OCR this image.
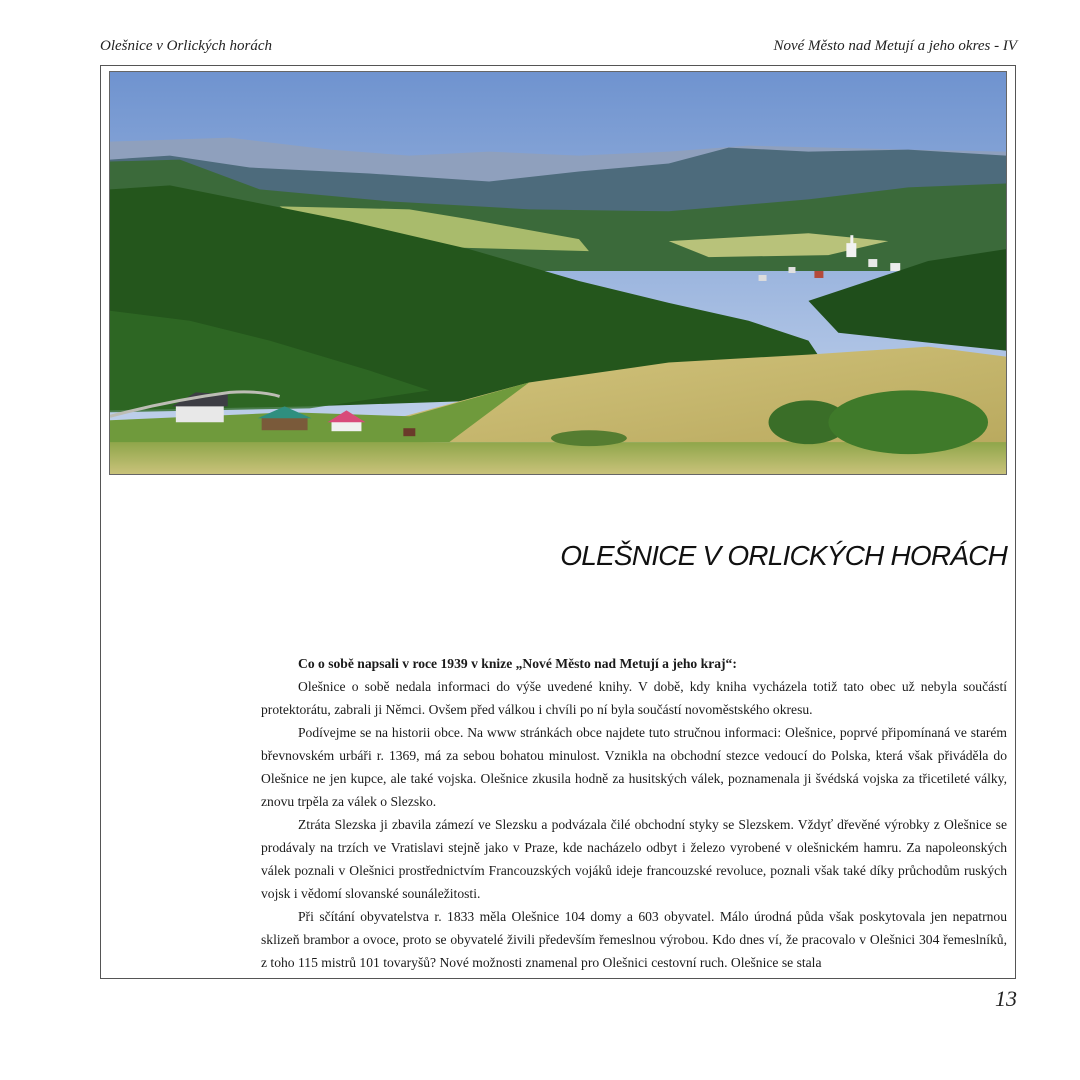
Olešnice v Orlických horách	Nové Město nad Metují a jeho okres - IV
OLEŠNICE V ORLICKÝCH HORÁCH

Co o sobě napsali v roce 1939 v knize „Nové Město nad Metují a jeho kraj“:

Olešnice o sobě nedala informaci do výše uvedené knihy. V době, kdy kniha vycházela totiž tato obec už nebyla součástí protektorátu, zabrali ji Němci. Ovšem před válkou i chvíli po ní byla součástí novoměstského okresu.

Podívejme se na historii obce. Na www stránkách obce najdete tuto stručnou informaci: Olešnice, poprvé připomínaná ve starém břevnovském urbáři r. 1369, má za sebou bohatou minulost. Vznikla na obchodní stezce vedoucí do Polska, která však přiváděla do Olešnice ne jen kupce, ale také vojska. Olešnice zkusila hodně za husitských válek, poznamenala ji švédská vojska za třicetileté války, znovu trpěla za válek o Slezsko.

Ztráta Slezska ji zbavila zámezí ve Slezsku a podvázala čilé obchodní styky se Slezskem. Vždyť dřevěné výrobky z Olešnice se prodávaly na trzích ve Vratislavi stejně jako v Praze, kde nacházelo odbyt i železo vyrobené v olešnickém hamru. Za napoleonských válek poznali v Olešnici prostřednictvím Francouzských vojáků ideje francouzské revoluce, poznali však také díky průchodům ruských vojsk i vědomí slovanské sounáležitosti.

Při sčítání obyvatelstva r. 1833 měla Olešnice 104 domy a 603 obyvatel. Málo úrodná půda však poskytovala jen nepatrnou sklizeň brambor a ovoce, proto se obyvatelé živili především řemeslnou výrobou. Kdo dnes ví, že pracovalo v Olešnici 304 řemeslníků, z toho 115 mistrů 101 tovaryšů? Nové možnosti znamenal pro Olešnici cestovní ruch. Olešnice se stala

13
